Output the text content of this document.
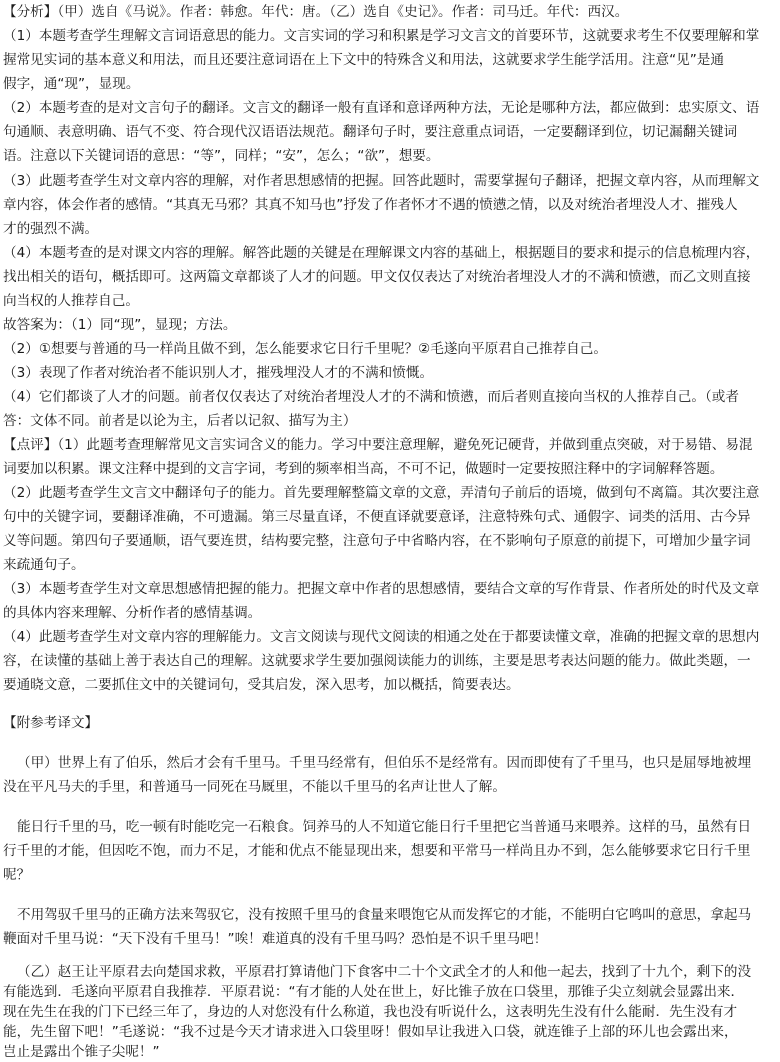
【分析】（甲）选自《马说》。作者：韩愈。年代：唐。（乙）选自《史记》。作者：司马迁。年代：西汉。
（1）本题考查学生理解文言词语意思的能力。文言实词的学习和积累是学习文言文的首要环节，这就要求考生不仅要理解和掌
握常见实词的基本意义和用法，而且还要注意词语在上下文中的特殊含义和用法，这就要求学生能学活用。注意“见”是通
假字，通“现”，显现。
（2）本题考查的是对文言句子的翻译。文言文的翻译一般有直译和意译两种方法，无论是哪种方法，都应做到：忠实原文、语
句通顺、表意明确、语气不变、符合现代汉语语法规范。翻译句子时，要注意重点词语，一定要翻译到位，切记漏翻关键词
语。注意以下关键词语的意思：“等”，同样；“安”，怎么；“欲”，想要。
（3）此题考查学生对文章内容的理解，对作者思想感情的把握。回答此题时，需要掌握句子翻译，把握文章内容，从而理解文
章内容，体会作者的感情。“其真无马邪？其真不知马也”抒发了作者怀才不遇的愤懑之情，以及对统治者埋没人才、摧残人
才的强烈不满。
（4）本题考查的是对课文内容的理解。解答此题的关键是在理解课文内容的基础上，根据题目的要求和提示的信息梳理内容，
找出相关的语句，概括即可。这两篇文章都谈了人才的问题。甲文仅仅表达了对统治者埋没人才的不满和愤懑，而乙文则直接
向当权的人推荐自己。
故答案为：（1）同“现”，显现；方法。
（2）①想要与普通的马一样尚且做不到，怎么能要求它日行千里呢？②毛遂向平原君自己推荐自己。
（3）表现了作者对统治者不能识别人才，摧残埋没人才的不满和愤慨。
（4）它们都谈了人才的问题。前者仅仅表达了对统治者埋没人才的不满和愤懑，而后者则直接向当权的人推荐自己。（或者
答：文体不同。前者是以论为主，后者以记叙、描写为主）
【点评】（1）此题考查理解常见文言实词含义的能力。学习中要注意理解，避免死记硬背，并做到重点突破，对于易错、易混
词要加以积累。课文注释中提到的文言字词，考到的频率相当高，不可不记，做题时一定要按照注释中的字词解释答题。
（2）此题考查学生文言文中翻译句子的能力。首先要理解整篇文章的文意，弄清句子前后的语境，做到句不离篇。其次要注意
句中的关键字词，要翻译准确，不可遗漏。第三尽量直译，不便直译就要意译，注意特殊句式、通假字、词类的活用、古今异
义等问题。第四句子要通顺，语气要连贯，结构要完整，注意句子中省略内容，在不影响句子原意的前提下，可增加少量字词
来疏通句子。
（3）本题考查学生对文章思想感情把握的能力。把握文章中作者的思想感情，要结合文章的写作背景、作者所处的时代及文章
的具体内容来理解、分析作者的感情基调。
（4）此题考查学生对文章内容的理解能力。文言文阅读与现代文阅读的相通之处在于都要读懂文章，准确的把握文章的思想内
容，在读懂的基础上善于表达自己的理解。这就要求学生要加强阅读能力的训练，主要是思考表达问题的能力。做此类题，一
要通晓文意，二要抓住文中的关键词句，受其启发，深入思考，加以概括，简要表达。
【附参考译文】
（甲）世界上有了伯乐，然后才会有千里马。千里马经常有，但伯乐不是经常有。因而即使有了千里马，也只是屈辱地被埋
没在平凡马夫的手里，和普通马一同死在马厩里，不能以千里马的名声让世人了解。
能日行千里的马，吃一顿有时能吃完一石粮食。饲养马的人不知道它能日行千里把它当普通马来喂养。这样的马，虽然有日
行千里的才能，但因吃不饱，而力不足，才能和优点不能显现出来，想要和平常马一样尚且办不到，怎么能够要求它日行千里
呢？
不用驾驭千里马的正确方法来驾驭它，没有按照千里马的食量来喂饱它从而发挥它的才能，不能明白它鸣叫的意思，拿起马
鞭面对千里马说：“天下没有千里马！”唉！难道真的没有千里马吗？恐怕是不识千里马吧！
（乙）赵王让平原君去向楚国求救，平原君打算请他门下食客中二十个文武全才的人和他一起去，找到了十九个，剩下的没
有能选到．毛遂向平原君自我推荐．平原君说：“有才能的人处在世上，好比锥子放在口袋里，那锥子尖立刻就会显露出来．
现在先生在我的门下已经三年了，身边的人对您没有什么称道，我也没有听说什么，这表明先生没有什么能耐．先生没有才
能，先生留下吧！”毛遂说：“我不过是今天才请求进入口袋里呀！假如早让我进入口袋，就连锥子上部的环儿也会露出来，
岂止是露出个锥子尖呢！”
